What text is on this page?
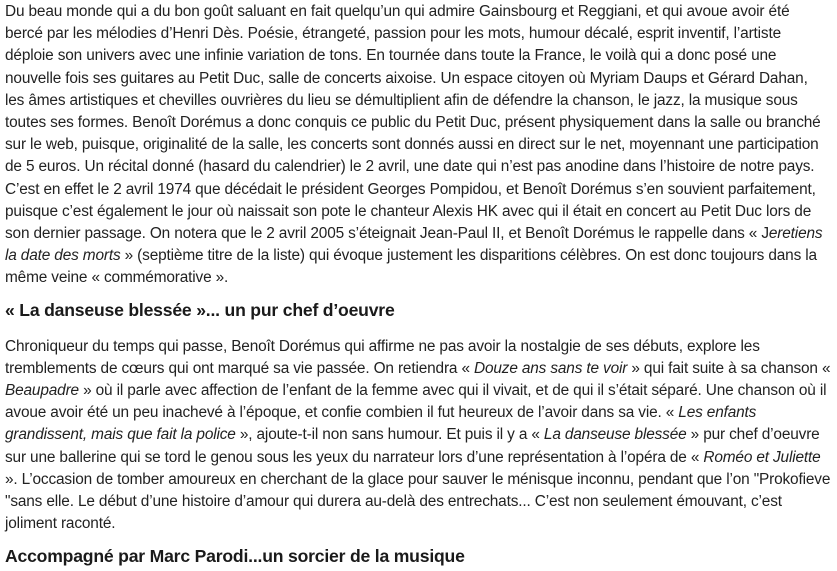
Du beau monde qui a du bon goût saluant en fait quelqu’un qui admire Gainsbourg et Reggiani, et qui avoue avoir été bercé par les mélodies d’Henri Dès. Poésie, étrangeté, passion pour les mots, humour décalé, esprit inventif, l’artiste déploie son univers avec une infinie variation de tons. En tournée dans toute la France, le voilà qui a donc posé une nouvelle fois ses guitares au Petit Duc, salle de concerts aixoise. Un espace citoyen où Myriam Daups et Gérard Dahan, les âmes artistiques et chevilles ouvrières du lieu se démultiplient afin de défendre la chanson, le jazz, la musique sous toutes ses formes. Benoît Dorémus a donc conquis ce public du Petit Duc, présent physiquement dans la salle ou branché sur le web, puisque, originalité de la salle, les concerts sont donnés aussi en direct sur le net, moyennant une participation de 5 euros. Un récital donné (hasard du calendrier) le 2 avril, une date qui n’est pas anodine dans l’histoire de notre pays. C’est en effet le 2 avril 1974 que décédait le président Georges Pompidou, et Benoît Dorémus s’en souvient parfaitement, puisque c’est également le jour où naissait son pote le chanteur Alexis HK avec qui il était en concert au Petit Duc lors de son dernier passage. On notera que le 2 avril 2005 s’éteignait Jean-Paul II, et Benoît Dorémus le rappelle dans « Jeretiens la date des morts » (septième titre de la liste) qui évoque justement les disparitions célèbres. On est donc toujours dans la même veine « commémorative ».

« La danseuse blessée »... un pur chef d’oeuvre

Chroniqueur du temps qui passe, Benoît Dorémus qui affirme ne pas avoir la nostalgie de ses débuts, explore les tremblements de cœurs qui ont marqué sa vie passée. On retiendra « Douze ans sans te voir » qui fait suite à sa chanson « Beaupadre » où il parle avec affection de l’enfant de la femme avec qui il vivait, et de qui il s’était séparé. Une chanson où il avoue avoir été un peu inachevé à l’époque, et confie combien il fut heureux de l’avoir dans sa vie. « Les enfants grandissent, mais que fait la police », ajoute-t-il non sans humour. Et puis il y a « La danseuse blessée » pur chef d’oeuvre sur une ballerine qui se tord le genou sous les yeux du narrateur lors d’une représentation à l’opéra de « Roméo et Juliette ». L’occasion de tomber amoureux en cherchant de la glace pour sauver le ménisque inconnu, pendant que l’on "Prokofieve "sans elle. Le début d’une histoire d’amour qui durera au-delà des entrechats... C’est non seulement émouvant, c’est joliment raconté.

Accompagné par Marc Parodi...un sorcier de la musique
